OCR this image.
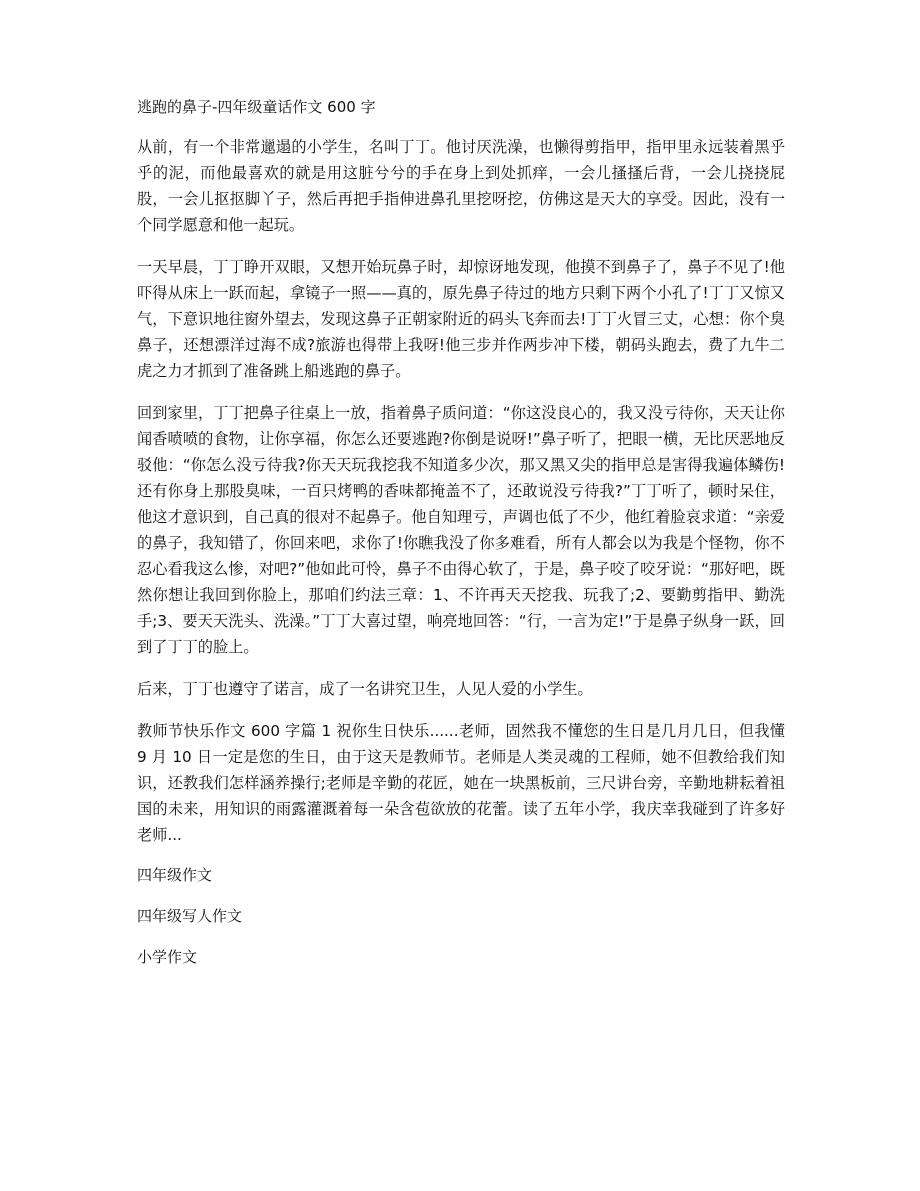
逃跑的鼻子-四年级童话作文 600 字

从前，有一个非常邋遢的小学生，名叫丁丁。他讨厌洗澡，也懒得剪指甲，指甲里永远装着黑乎乎的泥，而他最喜欢的就是用这脏兮兮的手在身上到处抓痒，一会儿搔搔后背，一会儿挠挠屁股，一会儿抠抠脚丫子，然后再把手指伸进鼻孔里挖呀挖，仿佛这是天大的享受。因此，没有一个同学愿意和他一起玩。

一天早晨，丁丁睁开双眼，又想开始玩鼻子时，却惊讶地发现，他摸不到鼻子了，鼻子不见了!他吓得从床上一跃而起，拿镜子一照——真的，原先鼻子待过的地方只剩下两个小孔了!丁丁又惊又气，下意识地往窗外望去，发现这鼻子正朝家附近的码头飞奔而去!丁丁火冒三丈，心想：你个臭鼻子，还想漂洋过海不成?旅游也得带上我呀!他三步并作两步冲下楼，朝码头跑去，费了九牛二虎之力才抓到了准备跳上船逃跑的鼻子。

回到家里，丁丁把鼻子往桌上一放，指着鼻子质问道：“你这没良心的，我又没亏待你，天天让你闻香喷喷的食物，让你享福，你怎么还要逃跑?你倒是说呀!”鼻子听了，把眼一横，无比厌恶地反驳他：“你怎么没亏待我?你天天玩我挖我不知道多少次，那又黑又尖的指甲总是害得我遍体鳞伤!还有你身上那股臭味，一百只烤鸭的香味都掩盖不了，还敢说没亏待我?”丁丁听了，顿时呆住，他这才意识到，自己真的很对不起鼻子。他自知理亏，声调也低了不少，他红着脸哀求道：“亲爱的鼻子，我知错了，你回来吧，求你了!你瞧我没了你多难看，所有人都会以为我是个怪物，你不忍心看我这么惨，对吧?”他如此可怜，鼻子不由得心软了，于是，鼻子咬了咬牙说：“那好吧，既然你想让我回到你脸上，那咱们约法三章：1、不许再天天挖我、玩我了;2、要勤剪指甲、勤洗手;3、要天天洗头、洗澡。”丁丁大喜过望，响亮地回答：“行，一言为定!”于是鼻子纵身一跃，回到了丁丁的脸上。

后来，丁丁也遵守了诺言，成了一名讲究卫生，人见人爱的小学生。

教师节快乐作文 600 字篇 1 祝你生日快乐......老师，固然我不懂您的生日是几月几日，但我懂 9 月 10 日一定是您的生日，由于这天是教师节。老师是人类灵魂的工程师，她不但教给我们知识，还教我们怎样涵养操行;老师是辛勤的花匠，她在一块黑板前，三尺讲台旁，辛勤地耕耘着祖国的未来，用知识的雨露灌溉着每一朵含苞欲放的花蕾。读了五年小学，我庆幸我碰到了许多好老师...

四年级作文
四年级写人作文
小学作文
